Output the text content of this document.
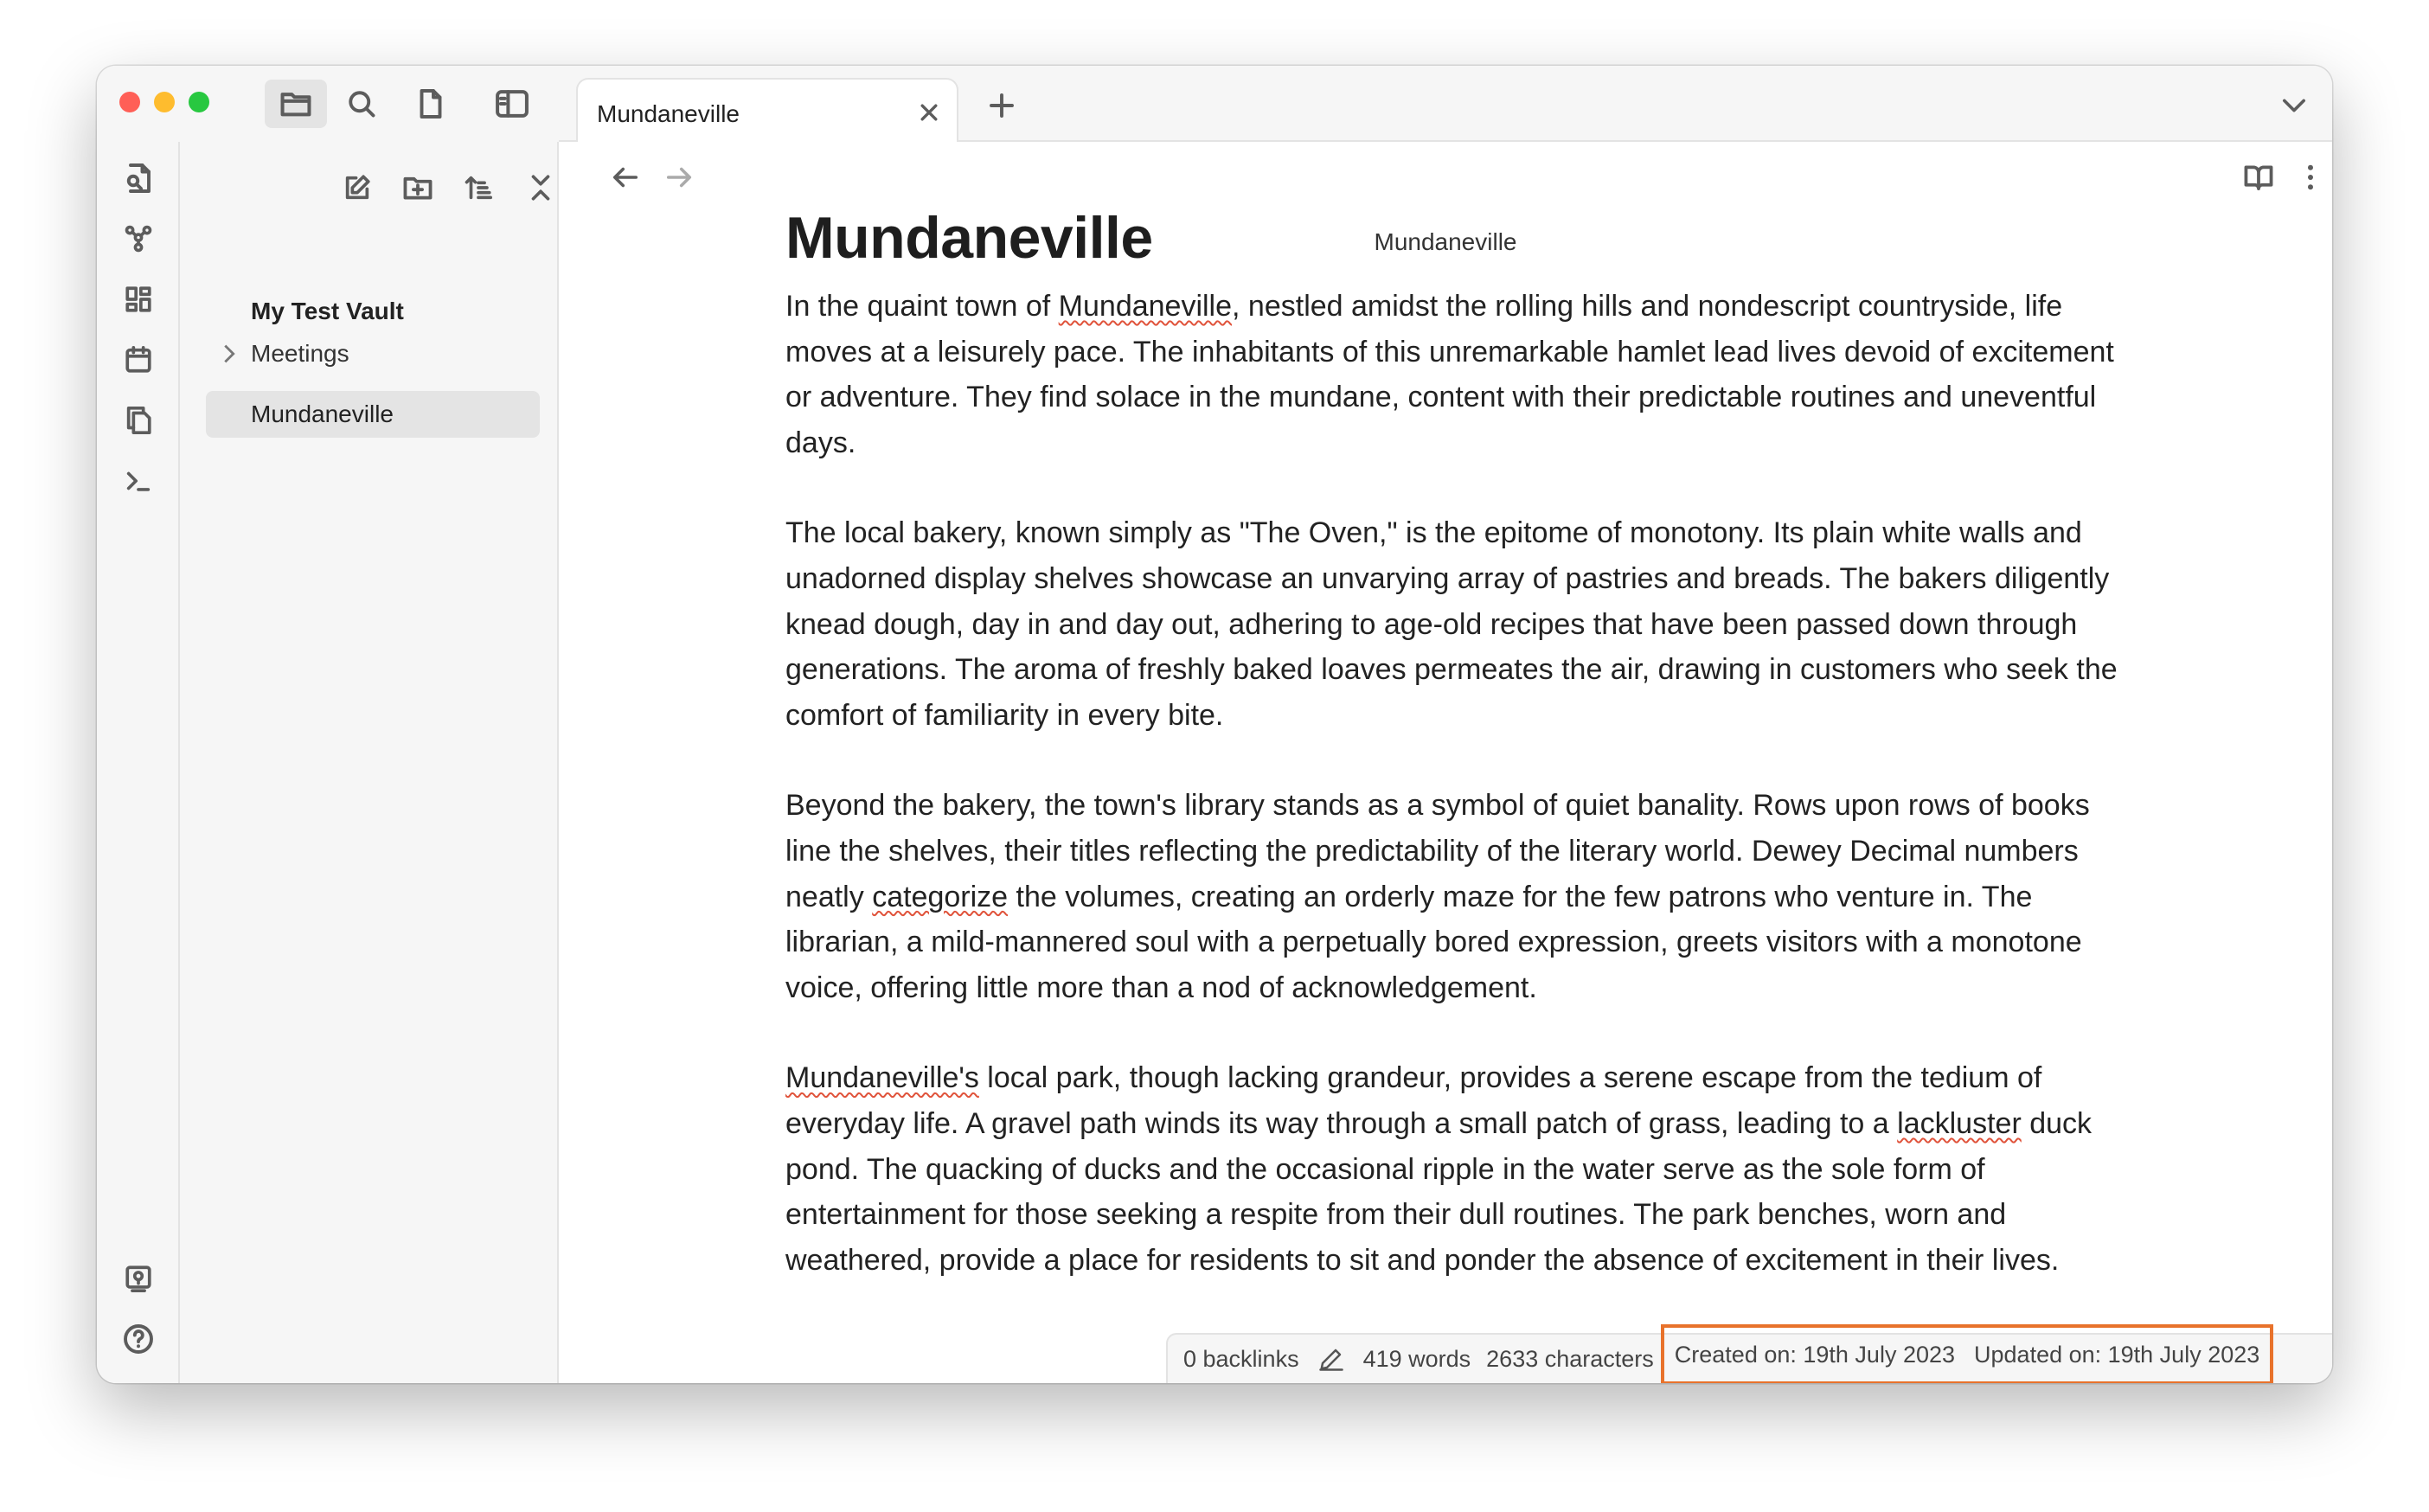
My Test Vault
Meetings
Mundaneville
Mundaneville
Mundaneville
Mundaneville

In the quaint town of Mundaneville, nestled amidst the rolling hills and nondescript countryside, life moves at a leisurely pace. The inhabitants of this unremarkable hamlet lead lives devoid of excitement or adventure. They find solace in the mundane, content with their predictable routines and uneventful days.

The local bakery, known simply as "The Oven," is the epitome of monotony. Its plain white walls and unadorned display shelves showcase an unvarying array of pastries and breads. The bakers diligently knead dough, day in and day out, adhering to age-old recipes that have been passed down through generations. The aroma of freshly baked loaves permeates the air, drawing in customers who seek the comfort of familiarity in every bite.

Beyond the bakery, the town's library stands as a symbol of quiet banality. Rows upon rows of books line the shelves, their titles reflecting the predictability of the literary world. Dewey Decimal numbers neatly categorize the volumes, creating an orderly maze for the few patrons who venture in. The librarian, a mild-mannered soul with a perpetually bored expression, greets visitors with a monotone voice, offering little more than a nod of acknowledgement.

Mundaneville's local park, though lacking grandeur, provides a serene escape from the tedium of everyday life. A gravel path winds its way through a small patch of grass, leading to a lackluster duck pond. The quacking of ducks and the occasional ripple in the water serve as the sole form of entertainment for those seeking a respite from their dull routines. The park benches, worn and weathered, provide a place for residents to sit and ponder the absence of excitement in their lives.

0 backlinks	419 words 2633 characters Created on: 19th July 2023 Updated on: 19th July 2023
